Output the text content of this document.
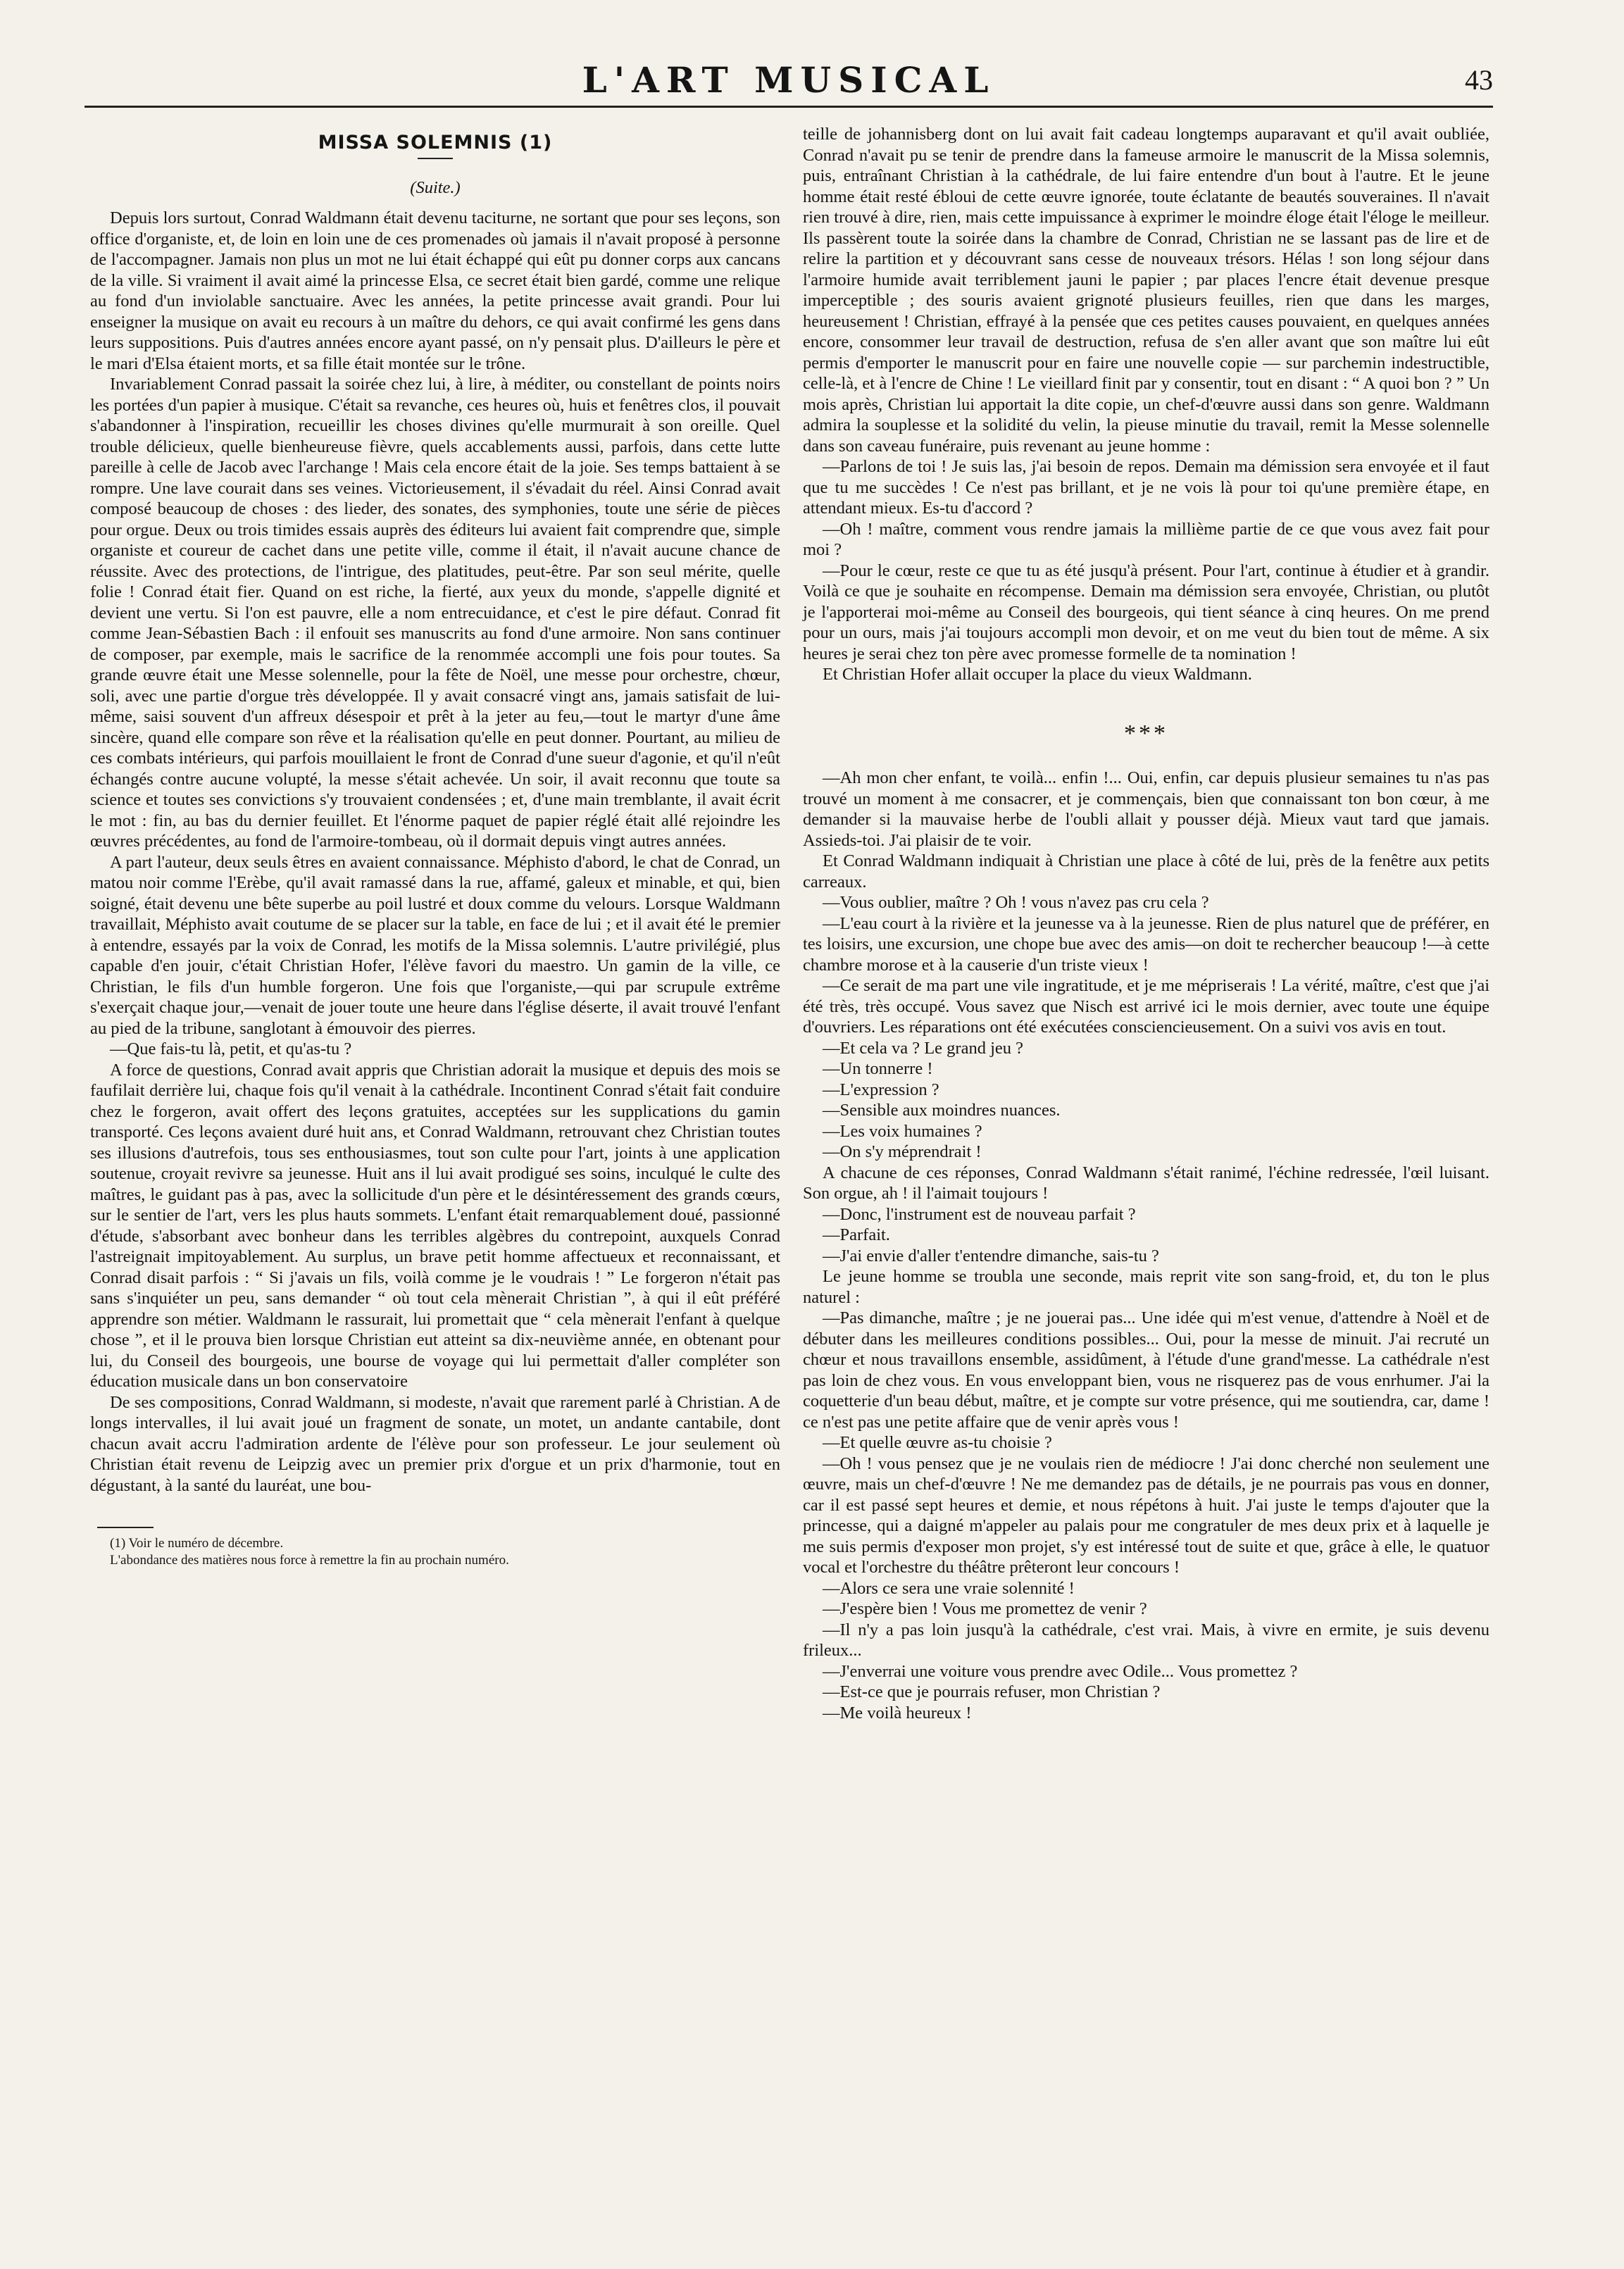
L'ART MUSICAL	43
MISSA SOLEMNIS (1)
(Suite.)

Depuis lors surtout, Conrad Waldmann était devenu taciturne, ne sortant que pour ses leçons, son office d'organiste, et, de loin en loin une de ces promenades où jamais il n'avait proposé à personne de l'accompagner. Jamais non plus un mot ne lui était échappé qui eût pu donner corps aux cancans de la ville. Si vraiment il avait aimé la princesse Elsa, ce secret était bien gardé, comme une relique au fond d'un inviolable sanctuaire. Avec les années, la petite princesse avait grandi. Pour lui enseigner la musique on avait eu recours à un maître du dehors, ce qui avait confirmé les gens dans leurs suppositions. Puis d'autres années encore ayant passé, on n'y pensait plus. D'ailleurs le père et le mari d'Elsa étaient morts, et sa fille était montée sur le trône.

Invariablement Conrad passait la soirée chez lui, à lire, à méditer, ou constellant de points noirs les portées d'un papier à musique. C'était sa revanche, ces heures où, huis et fenêtres clos, il pouvait s'abandonner à l'inspiration, recueillir les choses divines qu'elle murmurait à son oreille. Quel trouble délicieux, quelle bienheureuse fièvre, quels accablements aussi, parfois, dans cette lutte pareille à celle de Jacob avec l'archange ! Mais cela encore était de la joie. Ses temps battaient à se rompre. Une lave courait dans ses veines. Victorieusement, il s'évadait du réel. Ainsi Conrad avait composé beaucoup de choses : des lieder, des sonates, des symphonies, toute une série de pièces pour orgue. Deux ou trois timides essais auprès des éditeurs lui avaient fait comprendre que, simple organiste et coureur de cachet dans une petite ville, comme il était, il n'avait aucune chance de réussite. Avec des protections, de l'intrigue, des platitudes, peut-être. Par son seul mérite, quelle folie ! Conrad était fier. Quand on est riche, la fierté, aux yeux du monde, s'appelle dignité et devient une vertu. Si l'on est pauvre, elle a nom entrecuidance, et c'est le pire défaut. Conrad fit comme Jean-Sébastien Bach : il enfouit ses manuscrits au fond d'une armoire. Non sans continuer de composer, par exemple, mais le sacrifice de la renommée accompli une fois pour toutes. Sa grande œuvre était une Messe solennelle, pour la fête de Noël, une messe pour orchestre, chœur, soli, avec une partie d'orgue très développée. Il y avait consacré vingt ans, jamais satisfait de lui-même, saisi souvent d'un affreux désespoir et prêt à la jeter au feu,—tout le martyr d'une âme sincère, quand elle compare son rêve et la réalisation qu'elle en peut donner. Pourtant, au milieu de ces combats intérieurs, qui parfois mouillaient le front de Conrad d'une sueur d'agonie, et qu'il n'eût échangés contre aucune volupté, la messe s'était achevée. Un soir, il avait reconnu que toute sa science et toutes ses convictions s'y trouvaient condensées ; et, d'une main tremblante, il avait écrit le mot : fin, au bas du dernier feuillet. Et l'énorme paquet de papier réglé était allé rejoindre les œuvres précédentes, au fond de l'armoire-tombeau, où il dormait depuis vingt autres années.

A part l'auteur, deux seuls êtres en avaient connaissance. Méphisto d'abord, le chat de Conrad, un matou noir comme l'Erèbe, qu'il avait ramassé dans la rue, affamé, galeux et minable, et qui, bien soigné, était devenu une bête superbe au poil lustré et doux comme du velours. Lorsque Waldmann travaillait, Méphisto avait coutume de se placer sur la table, en face de lui ; et il avait été le premier à entendre, essayés par la voix de Conrad, les motifs de la Missa solemnis. L'autre privilégié, plus capable d'en jouir, c'était Christian Hofer, l'élève favori du maestro. Un gamin de la ville, ce Christian, le fils d'un humble forgeron. Une fois que l'organiste,—qui par scrupule extrême s'exerçait chaque jour,—venait de jouer toute une heure dans l'église déserte, il avait trouvé l'enfant au pied de la tribune, sanglotant à émouvoir des pierres.

—Que fais-tu là, petit, et qu'as-tu ?

A force de questions, Conrad avait appris que Christian adorait la musique et depuis des mois se faufilait derrière lui, chaque fois qu'il venait à la cathédrale. Incontinent Conrad s'était fait conduire chez le forgeron, avait offert des leçons gratuites, acceptées sur les supplications du gamin transporté. Ces leçons avaient duré huit ans, et Conrad Waldmann, retrouvant chez Christian toutes ses illusions d'autrefois, tous ses enthousiasmes, tout son culte pour l'art, joints à une application soutenue, croyait revivre sa jeunesse. Huit ans il lui avait prodigué ses soins, inculqué le culte des maîtres, le guidant pas à pas, avec la sollicitude d'un père et le désintéressement des grands cœurs, sur le sentier de l'art, vers les plus hauts sommets. L'enfant était remarquablement doué, passionné d'étude, s'absorbant avec bonheur dans les terribles algèbres du contrepoint, auxquels Conrad l'astreignait impitoyablement. Au surplus, un brave petit homme affectueux et reconnaissant, et Conrad disait parfois : “ Si j'avais un fils, voilà comme je le voudrais ! ” Le forgeron n'était pas sans s'inquiéter un peu, sans demander “ où tout cela mènerait Christian ”, à qui il eût préféré apprendre son métier. Waldmann le rassurait, lui promettait que “ cela mènerait l'enfant à quelque chose ”, et il le prouva bien lorsque Christian eut atteint sa dix-neuvième année, en obtenant pour lui, du Conseil des bourgeois, une bourse de voyage qui lui permettait d'aller compléter son éducation musicale dans un bon conservatoire

De ses compositions, Conrad Waldmann, si modeste, n'avait que rarement parlé à Christian. A de longs intervalles, il lui avait joué un fragment de sonate, un motet, un andante cantabile, dont chacun avait accru l'admiration ardente de l'élève pour son professeur. Le jour seulement où Christian était revenu de Leipzig avec un premier prix d'orgue et un prix d'harmonie, tout en dégustant, à la santé du lauréat, une bou-

(1) Voir le numéro de décembre.

L'abondance des matières nous force à remettre la fin au prochain numéro.

teille de johannisberg dont on lui avait fait cadeau longtemps auparavant et qu'il avait oubliée, Conrad n'avait pu se tenir de prendre dans la fameuse armoire le manuscrit de la Missa solemnis, puis, entraînant Christian à la cathédrale, de lui faire entendre d'un bout à l'autre. Et le jeune homme était resté ébloui de cette œuvre ignorée, toute éclatante de beautés souveraines. Il n'avait rien trouvé à dire, rien, mais cette impuissance à exprimer le moindre éloge était l'éloge le meilleur. Ils passèrent toute la soirée dans la chambre de Conrad, Christian ne se lassant pas de lire et de relire la partition et y découvrant sans cesse de nouveaux trésors. Hélas ! son long séjour dans l'armoire humide avait terriblement jauni le papier ; par places l'encre était devenue presque imperceptible ; des souris avaient grignoté plusieurs feuilles, rien que dans les marges, heureusement ! Christian, effrayé à la pensée que ces petites causes pouvaient, en quelques années encore, consommer leur travail de destruction, refusa de s'en aller avant que son maître lui eût permis d'emporter le manuscrit pour en faire une nouvelle copie — sur parchemin indestructible, celle-là, et à l'encre de Chine ! Le vieillard finit par y consentir, tout en disant : “ A quoi bon ? ” Un mois après, Christian lui apportait la dite copie, un chef-d'œuvre aussi dans son genre. Waldmann admira la souplesse et la solidité du velin, la pieuse minutie du travail, remit la Messe solennelle dans son caveau funéraire, puis revenant au jeune homme :

—Parlons de toi ! Je suis las, j'ai besoin de repos. Demain ma démission sera envoyée et il faut que tu me succèdes ! Ce n'est pas brillant, et je ne vois là pour toi qu'une première étape, en attendant mieux. Es-tu d'accord ?

—Oh ! maître, comment vous rendre jamais la millième partie de ce que vous avez fait pour moi ?

—Pour le cœur, reste ce que tu as été jusqu'à présent. Pour l'art, continue à étudier et à grandir. Voilà ce que je souhaite en récompense. Demain ma démission sera envoyée, Christian, ou plutôt je l'apporterai moi-même au Conseil des bourgeois, qui tient séance à cinq heures. On me prend pour un ours, mais j'ai toujours accompli mon devoir, et on me veut du bien tout de même. A six heures je serai chez ton père avec promesse formelle de ta nomination !

Et Christian Hofer allait occuper la place du vieux Waldmann.

***

—Ah mon cher enfant, te voilà... enfin !... Oui, enfin, car depuis plusieur semaines tu n'as pas trouvé un moment à me consacrer, et je commençais, bien que connaissant ton bon cœur, à me demander si la mauvaise herbe de l'oubli allait y pousser déjà. Mieux vaut tard que jamais. Assieds-toi. J'ai plaisir de te voir.

Et Conrad Waldmann indiquait à Christian une place à côté de lui, près de la fenêtre aux petits carreaux.

—Vous oublier, maître ? Oh ! vous n'avez pas cru cela ?

—L'eau court à la rivière et la jeunesse va à la jeunesse. Rien de plus naturel que de préférer, en tes loisirs, une excursion, une chope bue avec des amis—on doit te rechercher beaucoup !—à cette chambre morose et à la causerie d'un triste vieux !

—Ce serait de ma part une vile ingratitude, et je me mépriserais ! La vérité, maître, c'est que j'ai été très, très occupé. Vous savez que Nisch est arrivé ici le mois dernier, avec toute une équipe d'ouvriers. Les réparations ont été exécutées consciencieusement. On a suivi vos avis en tout.

—Et cela va ? Le grand jeu ?

—Un tonnerre !

—L'expression ?

—Sensible aux moindres nuances.

—Les voix humaines ?

—On s'y méprendrait !

A chacune de ces réponses, Conrad Waldmann s'était ranimé, l'échine redressée, l'œil luisant. Son orgue, ah ! il l'aimait toujours !

—Donc, l'instrument est de nouveau parfait ?

—Parfait.

—J'ai envie d'aller t'entendre dimanche, sais-tu ?

Le jeune homme se troubla une seconde, mais reprit vite son sang-froid, et, du ton le plus naturel :

—Pas dimanche, maître ; je ne jouerai pas... Une idée qui m'est venue, d'attendre à Noël et de débuter dans les meilleures conditions possibles... Oui, pour la messe de minuit. J'ai recruté un chœur et nous travaillons ensemble, assidûment, à l'étude d'une grand'messe. La cathédrale n'est pas loin de chez vous. En vous enveloppant bien, vous ne risquerez pas de vous enrhumer. J'ai la coquetterie d'un beau début, maître, et je compte sur votre présence, qui me soutiendra, car, dame ! ce n'est pas une petite affaire que de venir après vous !

—Et quelle œuvre as-tu choisie ?

—Oh ! vous pensez que je ne voulais rien de médiocre ! J'ai donc cherché non seulement une œuvre, mais un chef-d'œuvre ! Ne me demandez pas de détails, je ne pourrais pas vous en donner, car il est passé sept heures et demie, et nous répétons à huit. J'ai juste le temps d'ajouter que la princesse, qui a daigné m'appeler au palais pour me congratuler de mes deux prix et à laquelle je me suis permis d'exposer mon projet, s'y est intéressé tout de suite et que, grâce à elle, le quatuor vocal et l'orchestre du théâtre prêteront leur concours !

—Alors ce sera une vraie solennité !

—J'espère bien ! Vous me promettez de venir ?

—Il n'y a pas loin jusqu'à la cathédrale, c'est vrai. Mais, à vivre en ermite, je suis devenu frileux...

—J'enverrai une voiture vous prendre avec Odile... Vous promettez ?

—Est-ce que je pourrais refuser, mon Christian ?

—Me voilà heureux !
